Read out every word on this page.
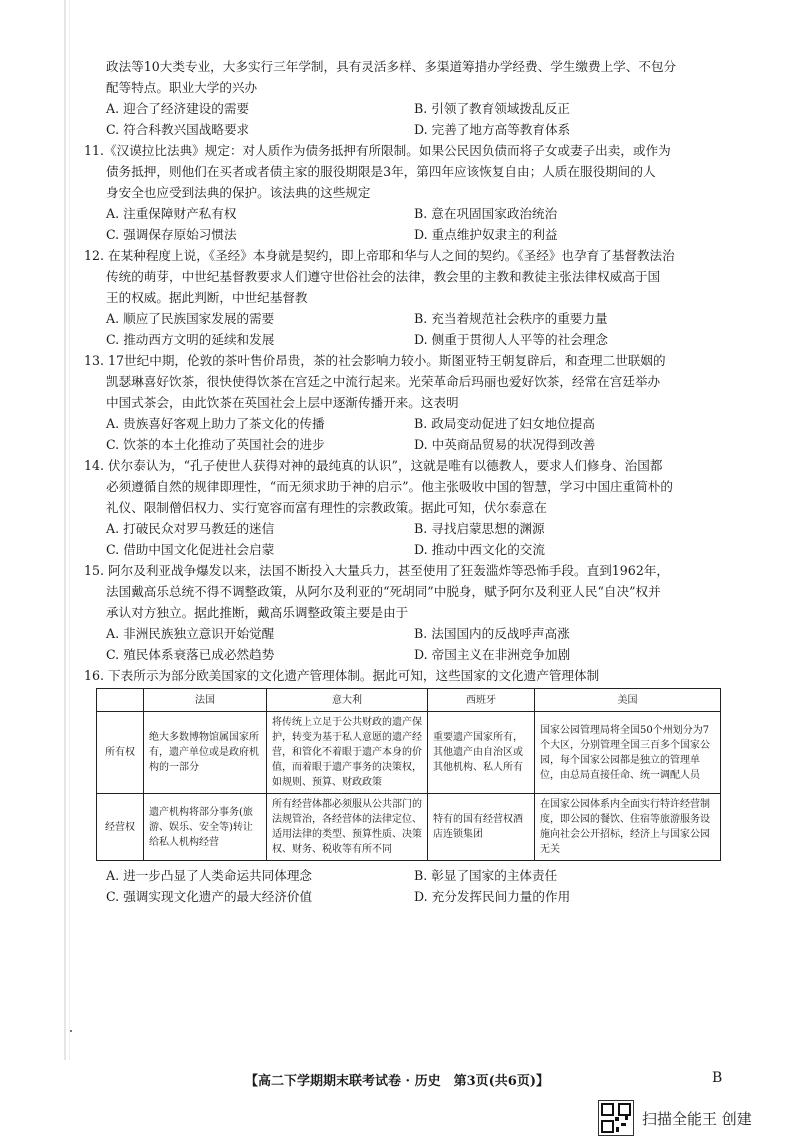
政法等10大类专业，大多实行三年学制，具有灵活多样、多渠道筹措办学经费、学生缴费上学、不包分

配等特点。职业大学的兴办

A. 迎合了经济建设的需要	B. 引领了教育领域拨乱反正
C. 符合科教兴国战略要求	D. 完善了地方高等教育体系

11.《汉谟拉比法典》规定：对人质作为债务抵押有所限制。如果公民因负债而将子女或妻子出卖，或作为

债务抵押，则他们在买者或者债主家的服役期限是3年，第四年应该恢复自由；人质在服役期间的人

身安全也应受到法典的保护。该法典的这些规定

A. 注重保障财产私有权	B. 意在巩固国家政治统治
C. 强调保存原始习惯法	D. 重点维护奴隶主的利益

12. 在某种程度上说，《圣经》本身就是契约，即上帝耶和华与人之间的契约。《圣经》也孕育了基督教法治

传统的萌芽，中世纪基督教要求人们遵守世俗社会的法律，教会里的主教和教徒主张法律权威高于国

王的权威。据此判断，中世纪基督教

A. 顺应了民族国家发展的需要	B. 充当着规范社会秩序的重要力量
C. 推动西方文明的延续和发展	D. 侧重于贯彻人人平等的社会理念

13. 17世纪中期，伦敦的茶叶售价昂贵，茶的社会影响力较小。斯图亚特王朝复辟后，和查理二世联姻的

凯瑟琳喜好饮茶，很快使得饮茶在宫廷之中流行起来。光荣革命后玛丽也爱好饮茶，经常在宫廷举办

中国式茶会，由此饮茶在英国社会上层中逐渐传播开来。这表明

A. 贵族喜好客观上助力了茶文化的传播	B. 政局变动促进了妇女地位提高
C. 饮茶的本土化推动了英国社会的进步	D. 中英商品贸易的状况得到改善

14. 伏尔泰认为，“孔子使世人获得对神的最纯真的认识”，这就是唯有以德教人，要求人们修身、治国都

必须遵循自然的规律即理性，“而无须求助于神的启示”。他主张吸收中国的智慧，学习中国庄重简朴的

礼仪、限制僧侣权力、实行宽容而富有理性的宗教政策。据此可知，伏尔泰意在

A. 打破民众对罗马教廷的迷信	B. 寻找启蒙思想的渊源
C. 借助中国文化促进社会启蒙	D. 推动中西文化的交流

15. 阿尔及利亚战争爆发以来，法国不断投入大量兵力，甚至使用了狂轰滥炸等恐怖手段。直到1962年，

法国戴高乐总统不得不调整政策，从阿尔及利亚的“死胡同”中脱身，赋予阿尔及利亚人民“自决”权并

承认对方独立。据此推断，戴高乐调整政策主要是由于

A. 非洲民族独立意识开始觉醒	B. 法国国内的反战呼声高涨
C. 殖民体系衰落已成必然趋势	D. 帝国主义在非洲竞争加剧

16. 下表所示为部分欧美国家的文化遗产管理体制。据此可知，这些国家的文化遗产管理体制

	法国	意大利	西班牙	美国
所有权	绝大多数博物馆属国家所有，遗产单位或是政府机构的一部分	将传统上立足于公共财政的遗产保护，转变为基于私人意愿的遗产经营，和管化不着眼于遗产本身的价值，而着眼于遗产事务的决策权，如规则、预算、财政政策	重要遗产国家所有，其他遗产由自治区或其他机构、私人所有	国家公园管理局将全国50个州划分为7个大区，分别管理全国三百多个国家公园，每个国家公园都是独立的管理单位，由总局直接任命、统一调配人员
经营权	遗产机构将部分事务(旅游、娱乐、安全等)转让给私人机构经营	所有经营体都必须服从公共部门的法规管治，各经营体的法律定位、适用法律的类型、预算性质、决策权、财务、税收等有所不同	特有的国有经营权酒店连锁集团	在国家公园体系内全面实行特许经营制度，即公园的餐饮、住宿等旅游服务设施向社会公开招标，经济上与国家公园无关
A. 进一步凸显了人类命运共同体理念	B. 彰显了国家的主体责任
C. 强调实现文化遗产的最大经济价值	D. 充分发挥民间力量的作用
【高二下学期期末联考试卷 · 历史　第3页(共6页)】	B
扫描全能王 创建
